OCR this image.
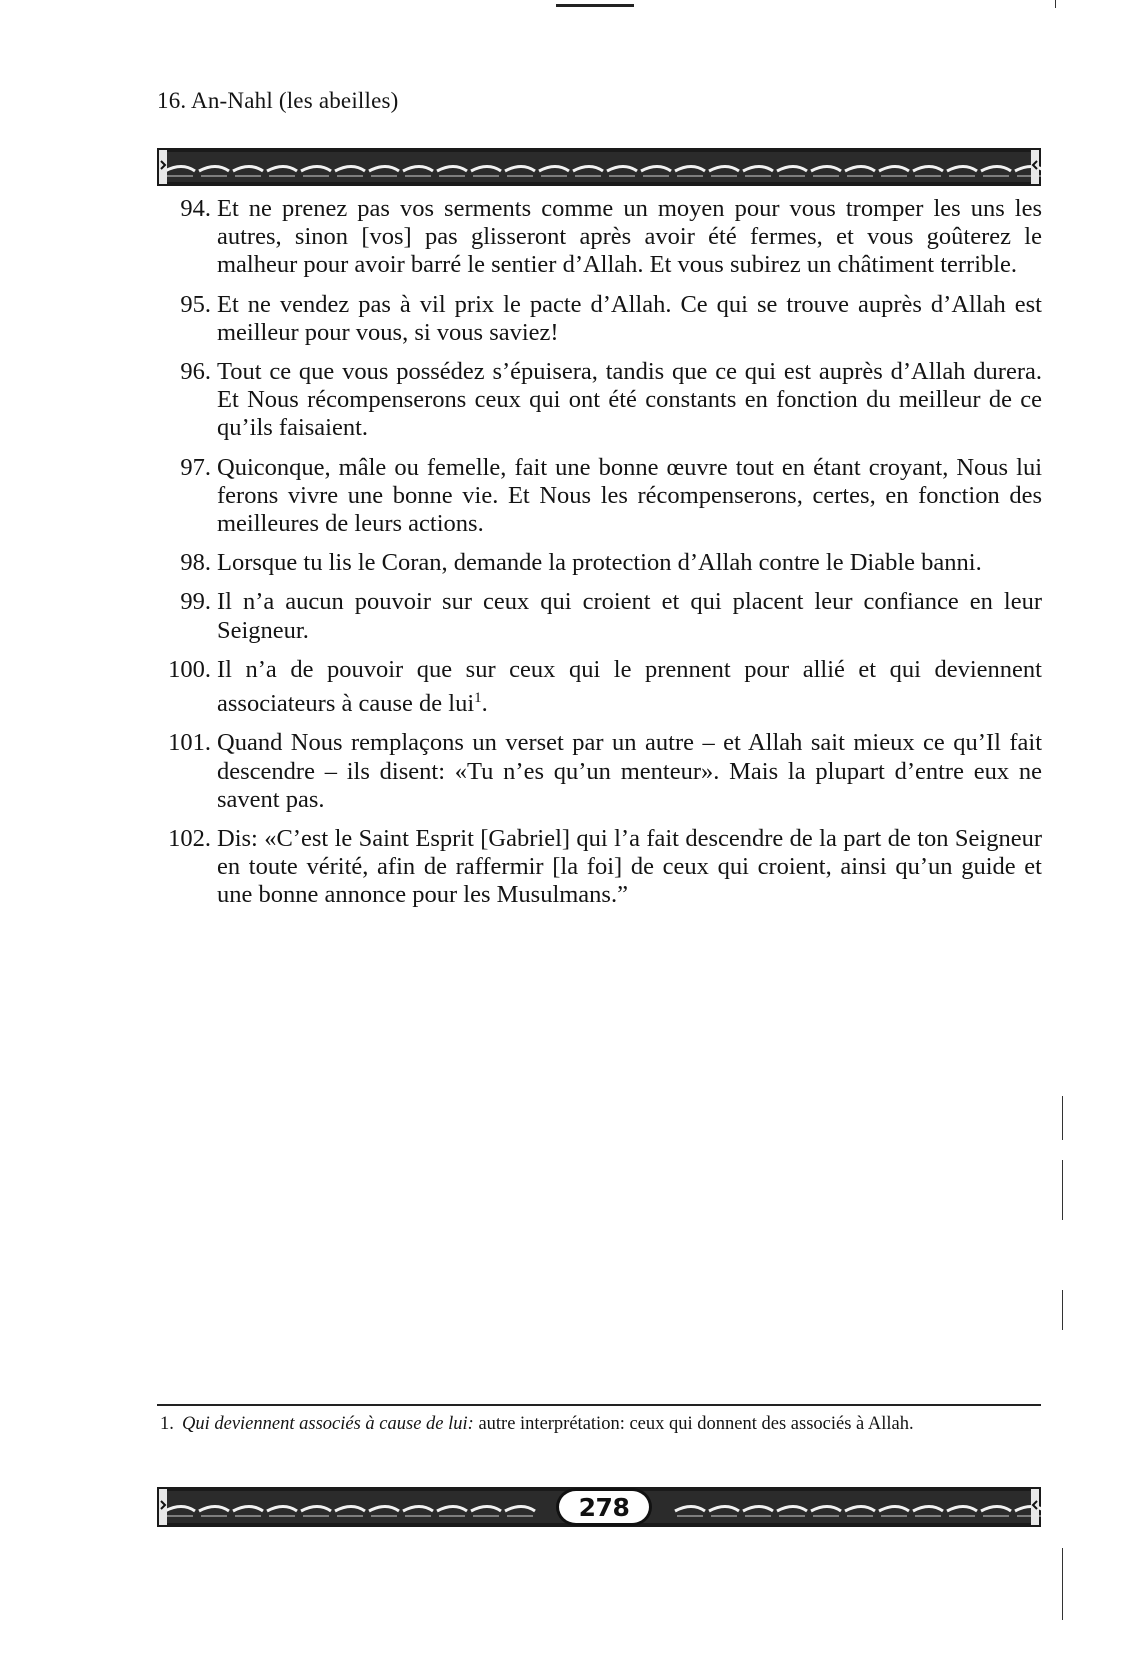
16. An-Nahl (les abeilles)
94. Et ne prenez pas vos serments comme un moyen pour vous tromper les uns les autres, sinon [vos] pas glisseront après avoir été fermes, et vous goûterez le malheur pour avoir barré le sentier d’Allah. Et vous subirez un châtiment terrible.
95. Et ne vendez pas à vil prix le pacte d’Allah. Ce qui se trouve auprès d’Allah est meilleur pour vous, si vous saviez!
96. Tout ce que vous possédez s’épuisera, tandis que ce qui est auprès d’Allah durera. Et Nous récompenserons ceux qui ont été constants en fonction du meilleur de ce qu’ils faisaient.
97. Quiconque, mâle ou femelle, fait une bonne œuvre tout en étant croyant, Nous lui ferons vivre une bonne vie. Et Nous les récompenserons, certes, en fonction des meilleures de leurs actions.
98. Lorsque tu lis le Coran, demande la protection d’Allah contre le Diable banni.
99. Il n’a aucun pouvoir sur ceux qui croient et qui placent leur confiance en leur Seigneur.
100. Il n’a de pouvoir que sur ceux qui le prennent pour allié et qui deviennent associateurs à cause de lui$^1$.
101. Quand Nous remplaçons un verset par un autre – et Allah sait mieux ce qu’Il fait descendre – ils disent: «Tu n’es qu’un menteur». Mais la plupart d’entre eux ne savent pas.
102. Dis: «C’est le Saint Esprit [Gabriel] qui l’a fait descendre de la part de ton Seigneur en toute vérité, afin de raffermir [la foi] de ceux qui croient, ainsi qu’un guide et une bonne annonce pour les Musulmans.”
1. Qui deviennent associés à cause de lui: autre interprétation: ceux qui donnent des associés à Allah.
278
